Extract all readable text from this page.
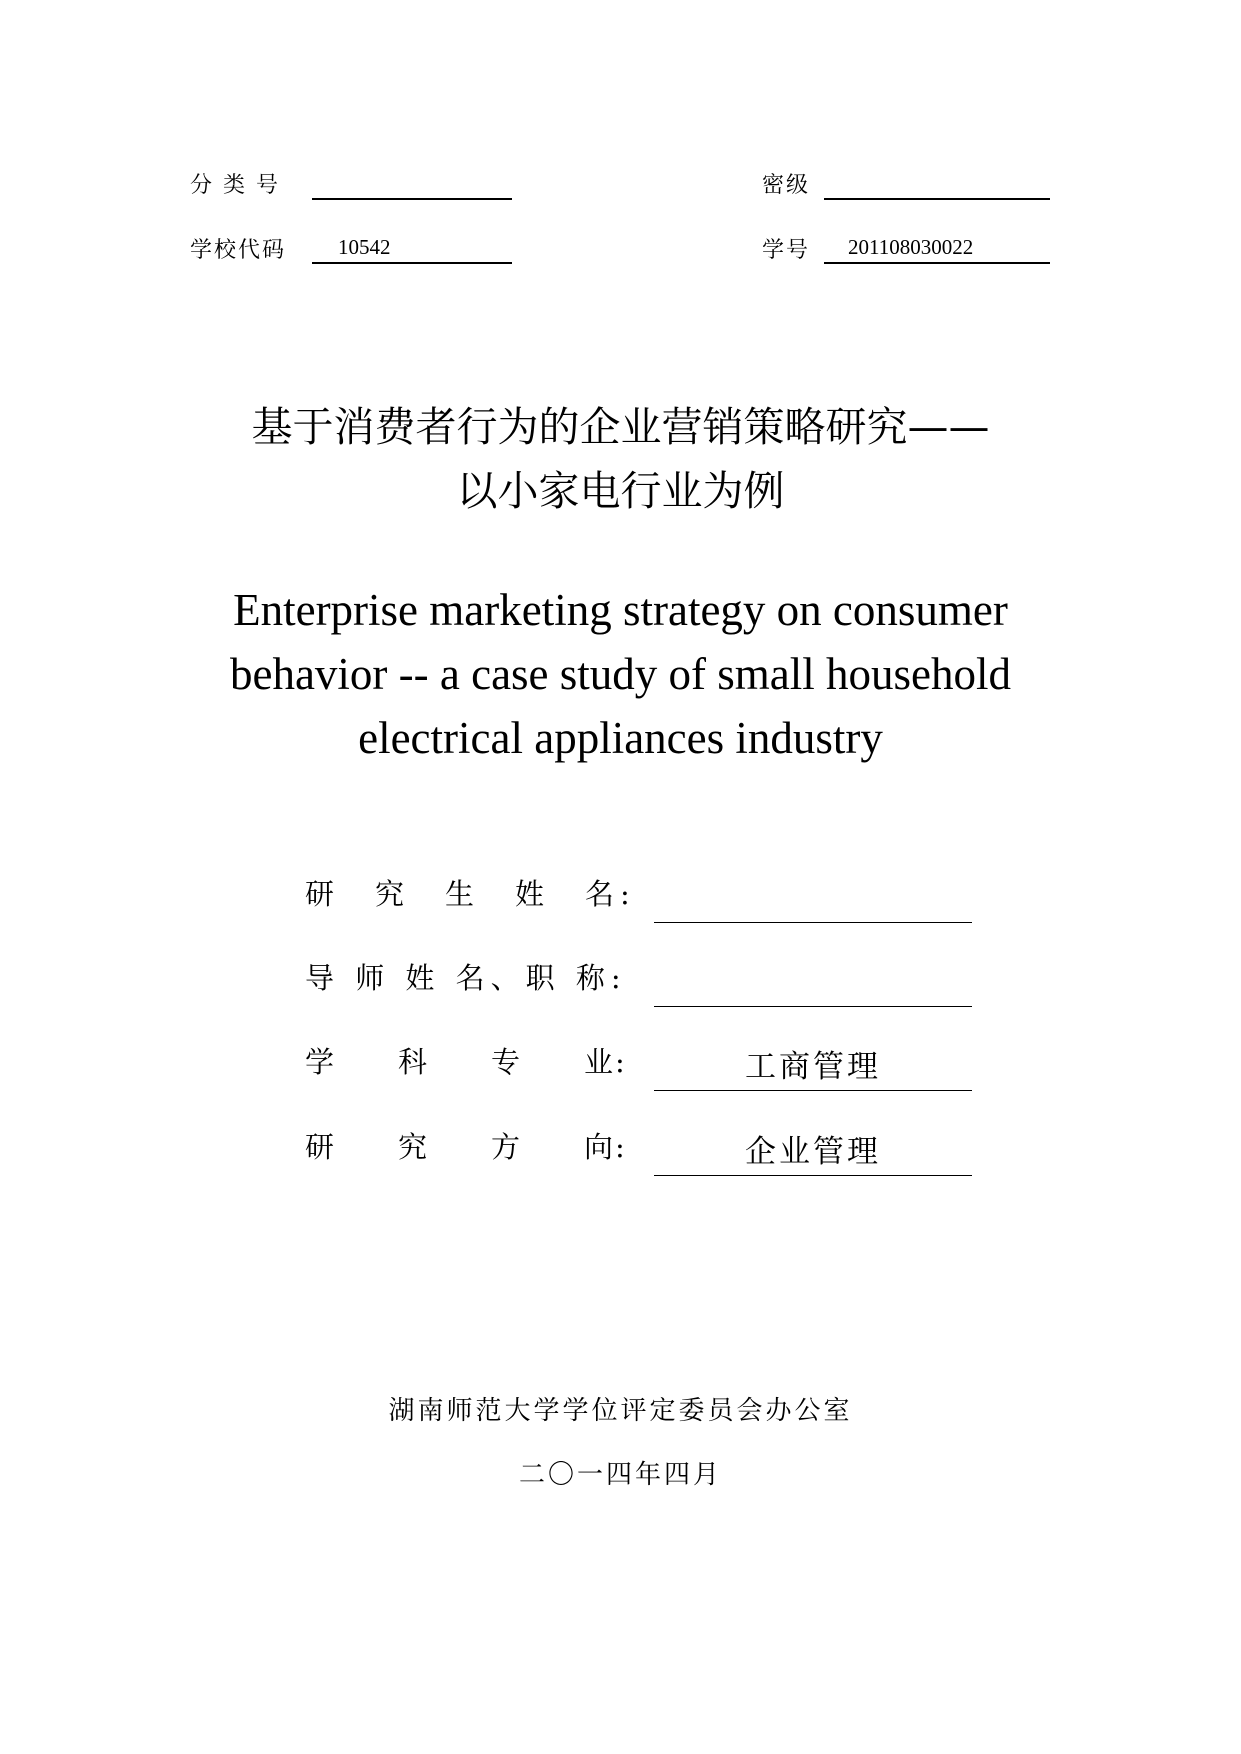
分 类 号	密级
学校代码 10542	学号 201108030022
基于消费者行为的企业营销策略研究——
以小家电行业为例
Enterprise marketing strategy on consumer
behavior -- a case study of small household
electrical appliances industry
研　究　生　姓　名:
导 师 姓 名、职 称:
学　　科　　专　　业:	工商管理
研　　究　　方　　向:	企业管理
湖南师范大学学位评定委员会办公室
二〇一四年四月
